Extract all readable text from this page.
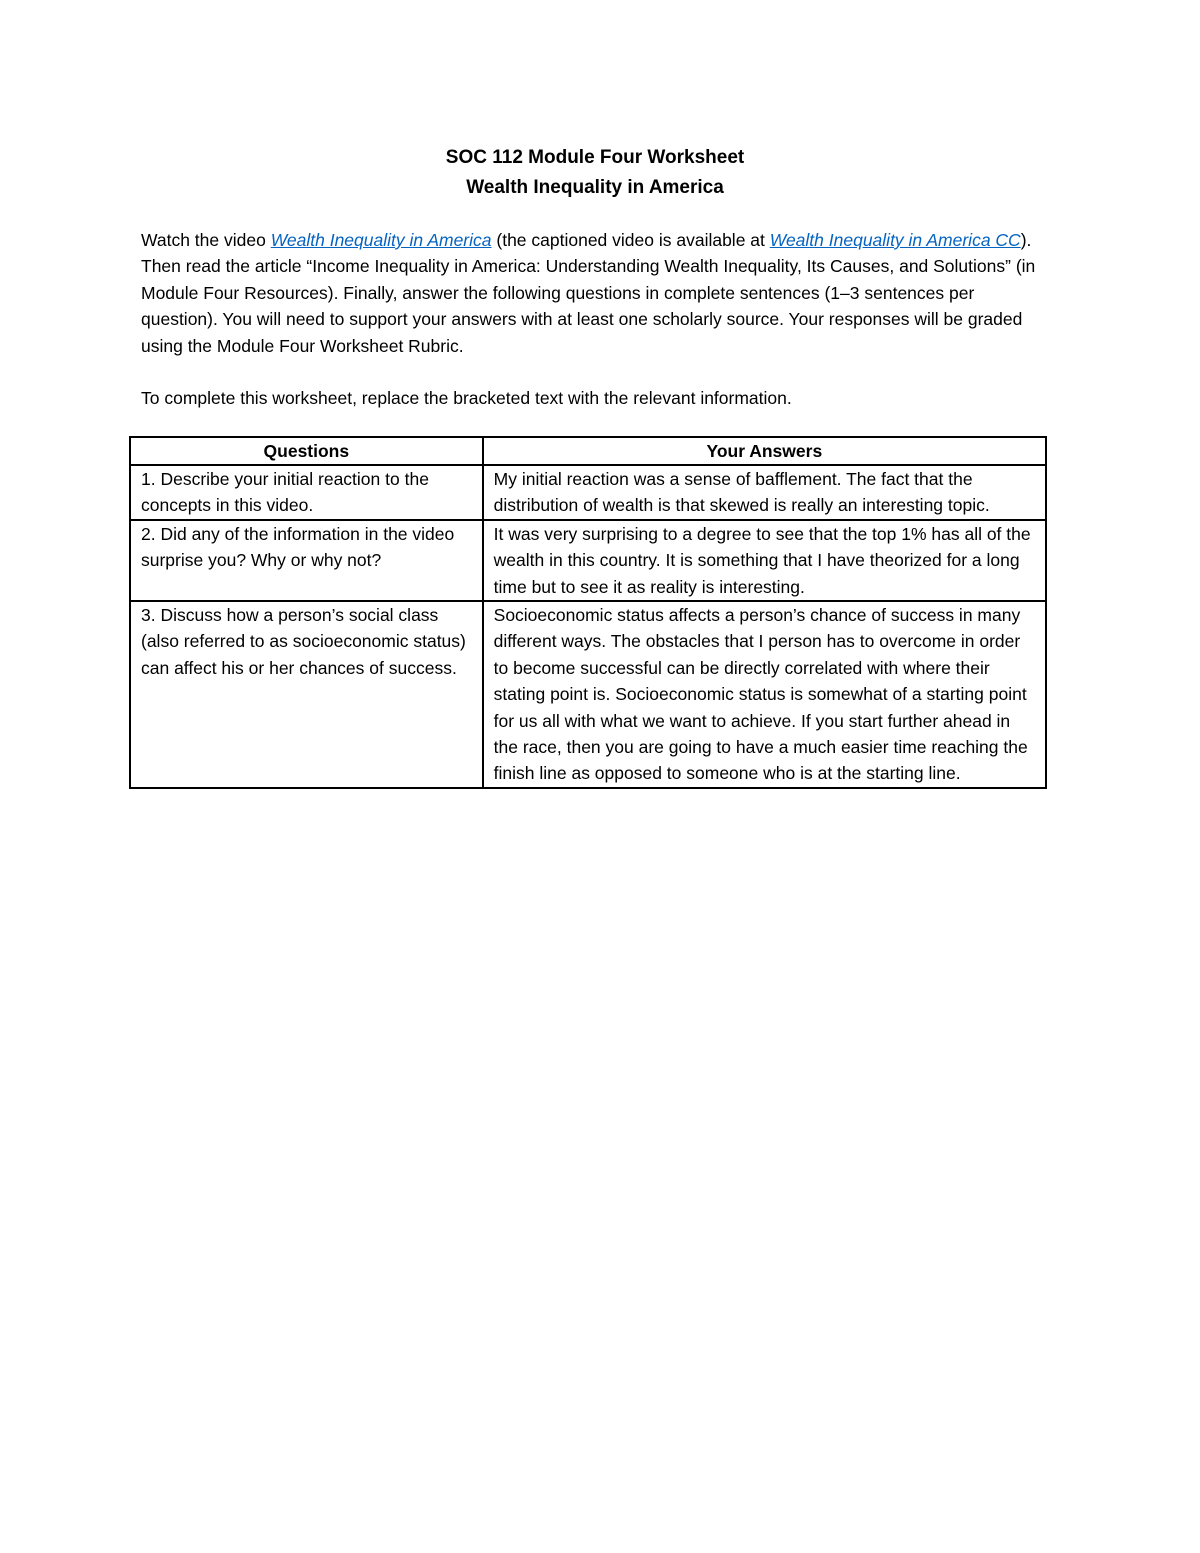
SOC 112 Module Four Worksheet
Wealth Inequality in America

Watch the video Wealth Inequality in America (the captioned video is available at Wealth Inequality in America CC). Then read the article “Income Inequality in America: Understanding Wealth Inequality, Its Causes, and Solutions” (in Module Four Resources). Finally, answer the following questions in complete sentences (1–3 sentences per question). You will need to support your answers with at least one scholarly source. Your responses will be graded using the Module Four Worksheet Rubric.

To complete this worksheet, replace the bracketed text with the relevant information.

Questions	Your Answers
1. Describe your initial reaction to the concepts in this video.	My initial reaction was a sense of bafflement. The fact that the distribution of wealth is that skewed is really an interesting topic.
2. Did any of the information in the video surprise you? Why or why not?	It was very surprising to a degree to see that the top 1% has all of the wealth in this country. It is something that I have theorized for a long time but to see it as reality is interesting.
3. Discuss how a person’s social class (also referred to as socioeconomic status) can affect his or her chances of success.	Socioeconomic status affects a person’s chance of success in many different ways. The obstacles that I person has to overcome in order to become successful can be directly correlated with where their stating point is. Socioeconomic status is somewhat of a starting point for us all with what we want to achieve. If you start further ahead in the race, then you are going to have a much easier time reaching the finish line as opposed to someone who is at the starting line.
